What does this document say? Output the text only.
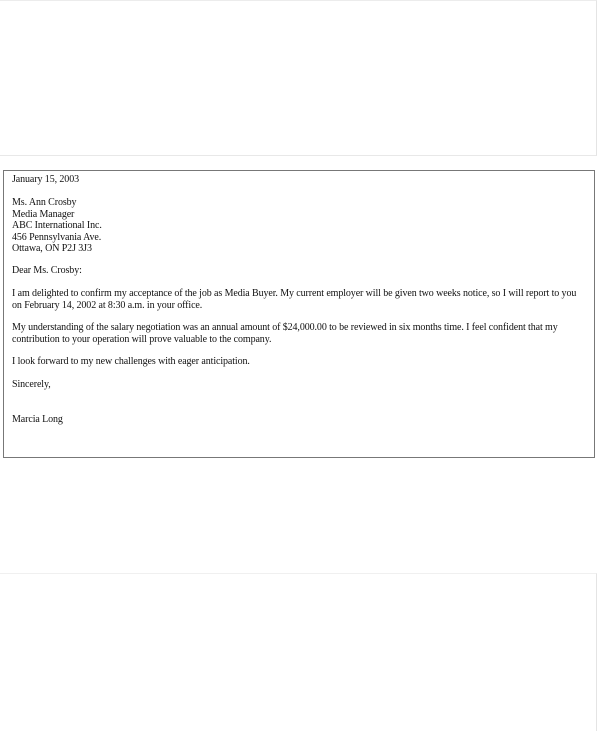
January 15, 2003
Ms. Ann Crosby
Media Manager
ABC International Inc.
456 Pennsylvania Ave.
Ottawa, ON P2J 3J3
Dear Ms. Crosby:
I am delighted to confirm my acceptance of the job as Media Buyer. My current employer will be given two weeks notice, so I will report to you
on February 14, 2002 at 8:30 a.m. in your office.
My understanding of the salary negotiation was an annual amount of $24,000.00 to be reviewed in six months time. I feel confident that my
contribution to your operation will prove valuable to the company.
I look forward to my new challenges with eager anticipation.
Sincerely,
Marcia Long
